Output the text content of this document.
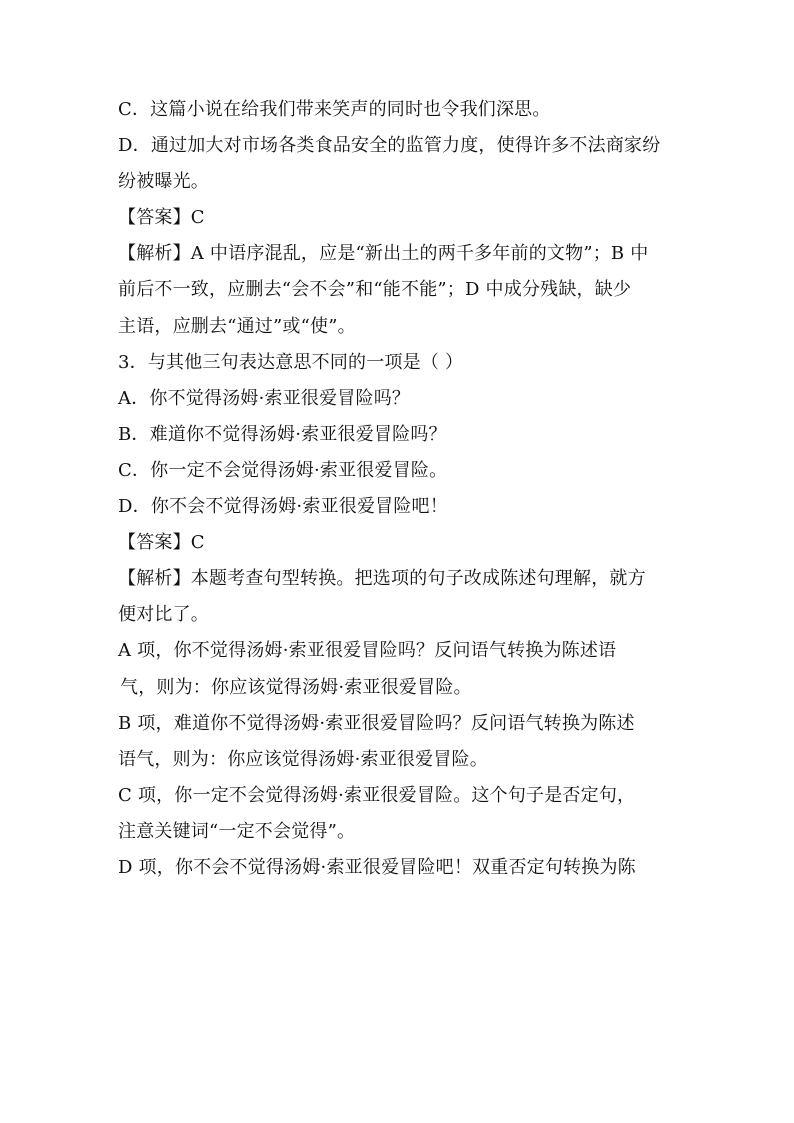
C．这篇小说在给我们带来笑声的同时也令我们深思。
D．通过加大对市场各类食品安全的监管力度，使得许多不法商家纷
纷被曝光。
【答案】C
【解析】A 中语序混乱，应是“新出土的两千多年前的文物”；B 中
前后不一致，应删去“会不会”和“能不能”；D 中成分残缺，缺少
主语，应删去“通过”或“使”。
3．与其他三句表达意思不同的一项是（ ）
A．你不觉得汤姆·索亚很爱冒险吗？
B．难道你不觉得汤姆·索亚很爱冒险吗？
C．你一定不会觉得汤姆·索亚很爱冒险。
D．你不会不觉得汤姆·索亚很爱冒险吧！
【答案】C
【解析】本题考查句型转换。把选项的句子改成陈述句理解，就方
便对比了。
A 项，你不觉得汤姆·索亚很爱冒险吗？反问语气转换为陈述语
气，则为：你应该觉得汤姆·索亚很爱冒险。
B 项，难道你不觉得汤姆·索亚很爱冒险吗？反问语气转换为陈述
语气，则为：你应该觉得汤姆·索亚很爱冒险。
C 项，你一定不会觉得汤姆·索亚很爱冒险。这个句子是否定句，
注意关键词“一定不会觉得”。
D 项，你不会不觉得汤姆·索亚很爱冒险吧！双重否定句转换为陈
